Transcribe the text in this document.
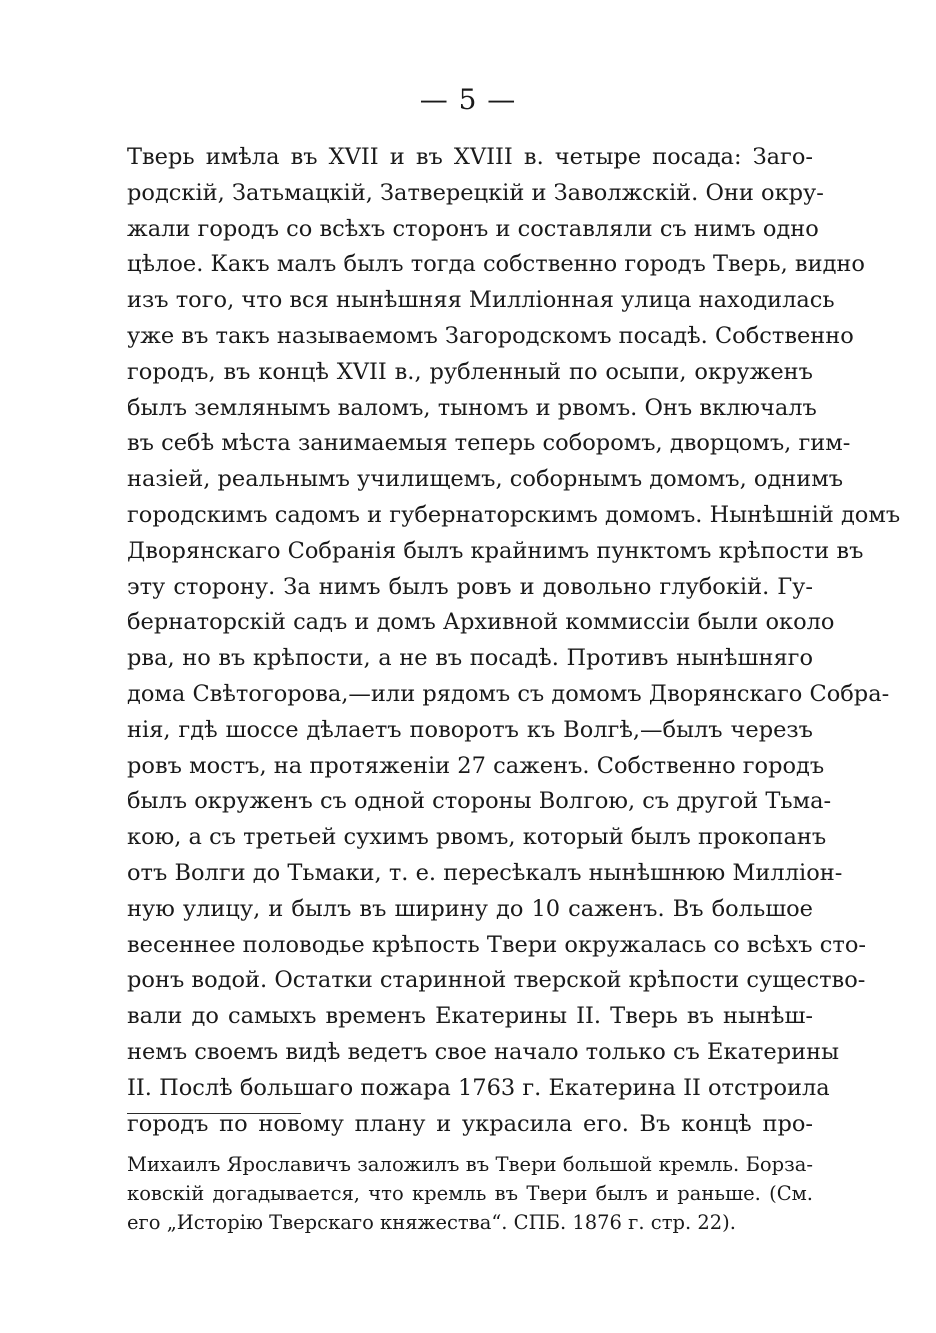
— 5 —
Тверь имѣла въ XVII и въ XVIII в. четыре посада: Заго-
родскій, Затьмацкій, Затверецкій и Заволжскій. Они окру-
жали городъ со всѣхъ сторонъ и составляли съ нимъ одно
цѣлое. Какъ малъ былъ тогда собственно городъ Тверь, видно
изъ того, что вся нынѣшняя Милліонная улица находилась
уже въ такъ называемомъ Загородскомъ посадѣ. Собственно
городъ, въ концѣ XVII в., рубленный по осыпи, окруженъ
былъ землянымъ валомъ, тыномъ и рвомъ. Онъ включалъ
въ себѣ мѣста занимаемыя теперь соборомъ, дворцомъ, гим-
назіей, реальнымъ училищемъ, соборнымъ домомъ, однимъ
городскимъ садомъ и губернаторскимъ домомъ. Нынѣшній домъ
Дворянскаго Собранія былъ крайнимъ пунктомъ крѣпости въ
эту сторону. За нимъ былъ ровъ и довольно глубокій. Гу-
бернаторскій садъ и домъ Архивной коммиссіи были около
рва, но въ крѣпости, а не въ посадѣ. Противъ нынѣшняго
дома Свѣтогорова,—или рядомъ съ домомъ Дворянскаго Собра-
нія, гдѣ шоссе дѣлаетъ поворотъ къ Волгѣ,—былъ черезъ
ровъ мостъ, на протяженіи 27 саженъ. Собственно городъ
былъ окруженъ съ одной стороны Волгою, съ другой Тьма-
кою, а съ третьей сухимъ рвомъ, который былъ прокопанъ
отъ Волги до Тьмаки, т. е. пересѣкалъ нынѣшнюю Милліон-
ную улицу, и былъ въ ширину до 10 саженъ. Въ большое
весеннее половодье крѣпость Твери окружалась со всѣхъ сто-
ронъ водой. Остатки старинной тверской крѣпости существо-
вали до самыхъ временъ Екатерины II. Тверь въ нынѣш-
немъ своемъ видѣ ведетъ свое начало только съ Екатерины
II. Послѣ большаго пожара 1763 г. Екатерина II отстроила
городъ по новому плану и украсила его. Въ концѣ про-
Михаилъ Ярославичъ заложилъ въ Твери большой кремль. Борза-
ковскій догадывается, что кремль въ Твери былъ и раньше. (См.
его „Исторію Тверскаго княжества“. СПБ. 1876 г. стр. 22).
